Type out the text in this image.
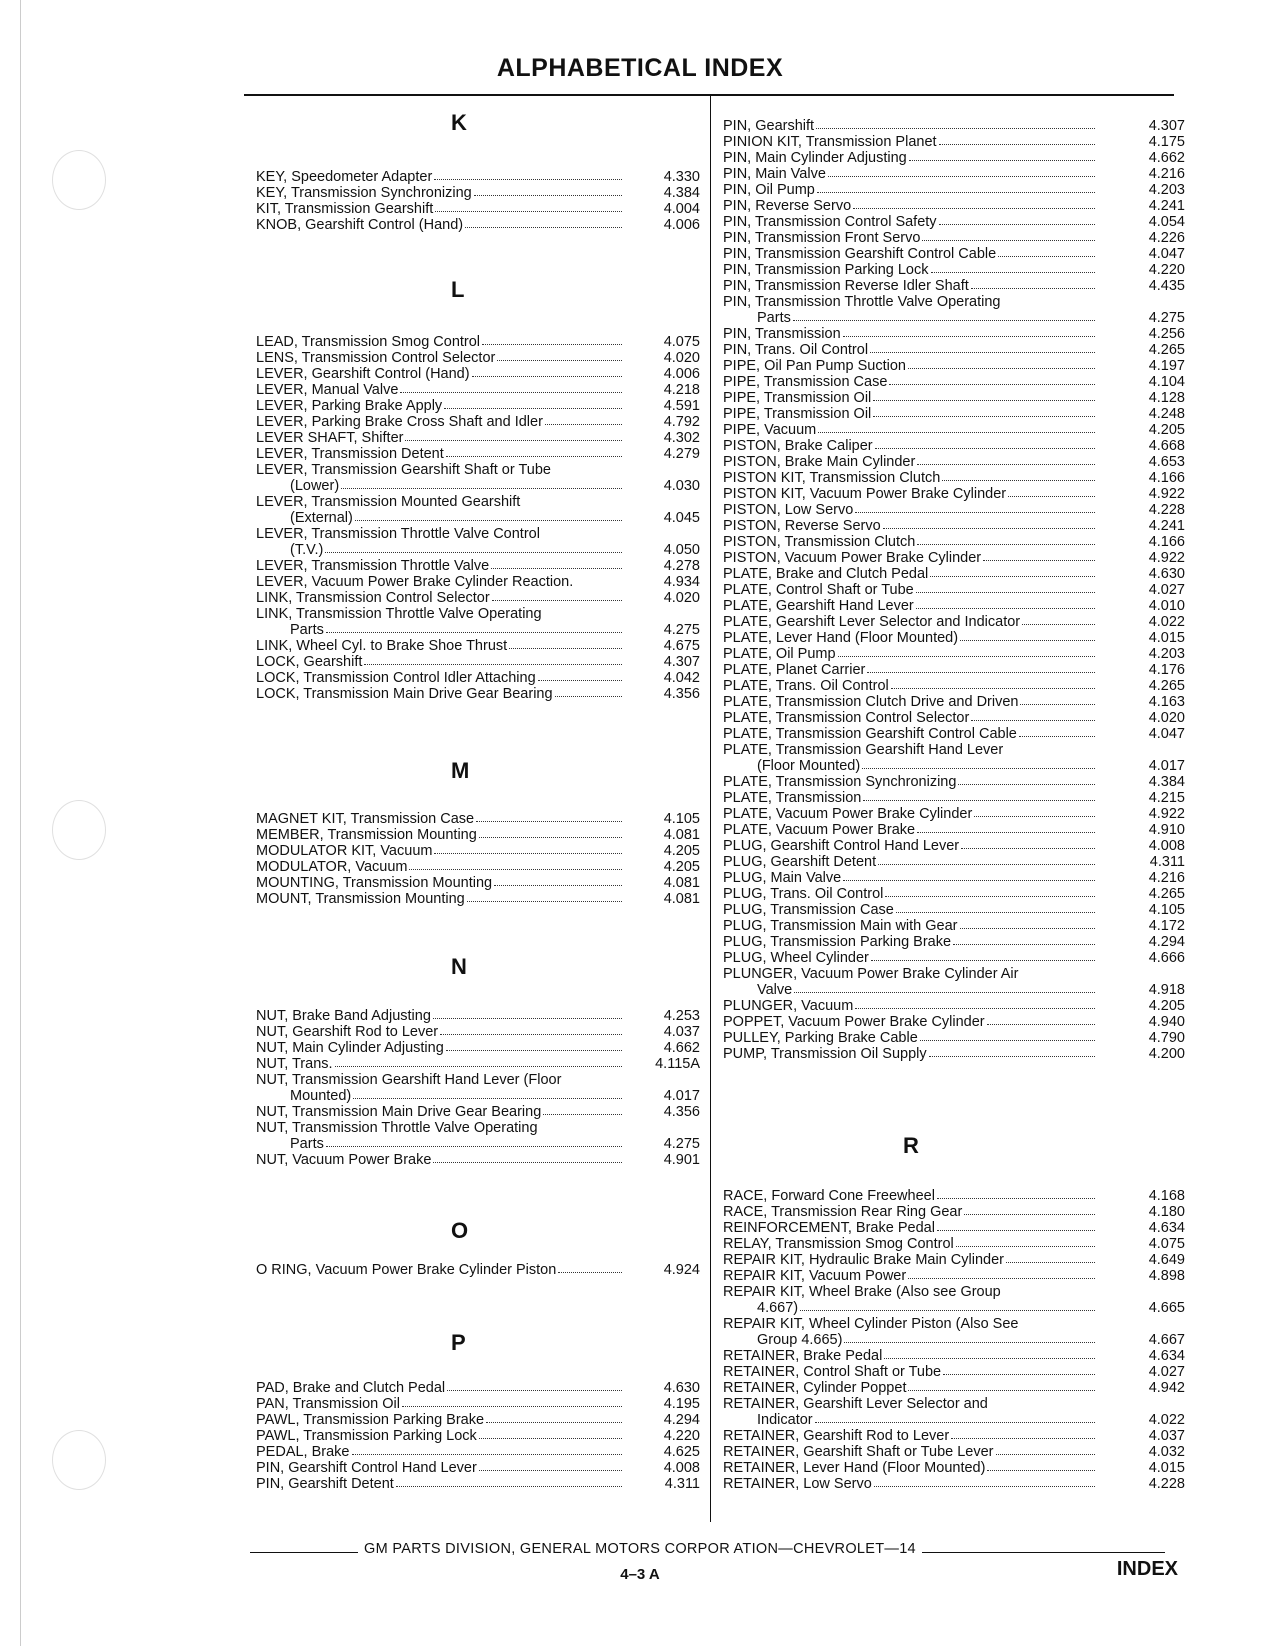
ALPHABETICAL INDEX
K
KEY, Speedometer Adapter	4.330
KEY, Transmission Synchronizing	4.384
KIT, Transmission Gearshift	4.004
KNOB, Gearshift Control (Hand)	4.006
L
LEAD, Transmission Smog Control	4.075
LENS, Transmission Control Selector	4.020
LEVER, Gearshift Control (Hand)	4.006
LEVER, Manual Valve	4.218
LEVER, Parking Brake Apply	4.591
LEVER, Parking Brake Cross Shaft and Idler	4.792
LEVER SHAFT, Shifter	4.302
LEVER, Transmission Detent	4.279
LEVER, Transmission Gearshift Shaft or Tube
(Lower)	4.030
LEVER, Transmission Mounted Gearshift
(External)	4.045
LEVER, Transmission Throttle Valve Control
(T.V.)	4.050
LEVER, Transmission Throttle Valve	4.278
LEVER, Vacuum Power Brake Cylinder Reaction.	4.934
LINK, Transmission Control Selector	4.020
LINK, Transmission Throttle Valve Operating
Parts	4.275
LINK, Wheel Cyl. to Brake Shoe Thrust	4.675
LOCK, Gearshift	4.307
LOCK, Transmission Control Idler Attaching	4.042
LOCK, Transmission Main Drive Gear Bearing	4.356
M
MAGNET KIT, Transmission Case	4.105
MEMBER, Transmission Mounting	4.081
MODULATOR KIT, Vacuum	4.205
MODULATOR, Vacuum	4.205
MOUNTING, Transmission Mounting	4.081
MOUNT, Transmission Mounting	4.081
N
NUT, Brake Band Adjusting	4.253
NUT, Gearshift Rod to Lever	4.037
NUT, Main Cylinder Adjusting	4.662
NUT, Trans.	4.115A
NUT, Transmission Gearshift Hand Lever (Floor
Mounted)	4.017
NUT, Transmission Main Drive Gear Bearing	4.356
NUT, Transmission Throttle Valve Operating
Parts	4.275
NUT, Vacuum Power Brake	4.901
O
O RING, Vacuum Power Brake Cylinder Piston	4.924
P
PAD, Brake and Clutch Pedal	4.630
PAN, Transmission Oil	4.195
PAWL, Transmission Parking Brake	4.294
PAWL, Transmission Parking Lock	4.220
PEDAL, Brake	4.625
PIN, Gearshift Control Hand Lever	4.008
PIN, Gearshift Detent	4.311
PIN, Gearshift	4.307
PINION KIT, Transmission Planet	4.175
PIN, Main Cylinder Adjusting	4.662
PIN, Main Valve	4.216
PIN, Oil Pump	4.203
PIN, Reverse Servo	4.241
PIN, Transmission Control Safety	4.054
PIN, Transmission Front Servo	4.226
PIN, Transmission Gearshift Control Cable	4.047
PIN, Transmission Parking Lock	4.220
PIN, Transmission Reverse Idler Shaft	4.435
PIN, Transmission Throttle Valve Operating
Parts	4.275
PIN, Transmission	4.256
PIN, Trans. Oil Control	4.265
PIPE, Oil Pan Pump Suction	4.197
PIPE, Transmission Case	4.104
PIPE, Transmission Oil	4.128
PIPE, Transmission Oil	4.248
PIPE, Vacuum	4.205
PISTON, Brake Caliper	4.668
PISTON, Brake Main Cylinder	4.653
PISTON KIT, Transmission Clutch	4.166
PISTON KIT, Vacuum Power Brake Cylinder	4.922
PISTON, Low Servo	4.228
PISTON, Reverse Servo	4.241
PISTON, Transmission Clutch	4.166
PISTON, Vacuum Power Brake Cylinder	4.922
PLATE, Brake and Clutch Pedal	4.630
PLATE, Control Shaft or Tube	4.027
PLATE, Gearshift Hand Lever	4.010
PLATE, Gearshift Lever Selector and Indicator	4.022
PLATE, Lever Hand (Floor Mounted)	4.015
PLATE, Oil Pump	4.203
PLATE, Planet Carrier	4.176
PLATE, Trans. Oil Control	4.265
PLATE, Transmission Clutch Drive and Driven	4.163
PLATE, Transmission Control Selector	4.020
PLATE, Transmission Gearshift Control Cable	4.047
PLATE, Transmission Gearshift Hand Lever
(Floor Mounted)	4.017
PLATE, Transmission Synchronizing	4.384
PLATE, Transmission	4.215
PLATE, Vacuum Power Brake Cylinder	4.922
PLATE, Vacuum Power Brake	4.910
PLUG, Gearshift Control Hand Lever	4.008
PLUG, Gearshift Detent	4.311
PLUG, Main Valve	4.216
PLUG, Trans. Oil Control	4.265
PLUG, Transmission Case	4.105
PLUG, Transmission Main with Gear	4.172
PLUG, Transmission Parking Brake	4.294
PLUG, Wheel Cylinder	4.666
PLUNGER, Vacuum Power Brake Cylinder Air
Valve	4.918
PLUNGER, Vacuum	4.205
POPPET, Vacuum Power Brake Cylinder	4.940
PULLEY, Parking Brake Cable	4.790
PUMP, Transmission Oil Supply	4.200
R
RACE, Forward Cone Freewheel	4.168
RACE, Transmission Rear Ring Gear	4.180
REINFORCEMENT, Brake Pedal	4.634
RELAY, Transmission Smog Control	4.075
REPAIR KIT, Hydraulic Brake Main Cylinder	4.649
REPAIR KIT, Vacuum Power	4.898
REPAIR KIT, Wheel Brake (Also see Group
4.667)	4.665
REPAIR KIT, Wheel Cylinder Piston (Also See
Group 4.665)	4.667
RETAINER, Brake Pedal	4.634
RETAINER, Control Shaft or Tube	4.027
RETAINER, Cylinder Poppet	4.942
RETAINER, Gearshift Lever Selector and
Indicator	4.022
RETAINER, Gearshift Rod to Lever	4.037
RETAINER, Gearshift Shaft or Tube Lever	4.032
RETAINER, Lever Hand (Floor Mounted)	4.015
RETAINER, Low Servo	4.228
GM PARTS DIVISION, GENERAL MOTORS CORPOR ATION—CHEVROLET—14
4–3 A	INDEX
